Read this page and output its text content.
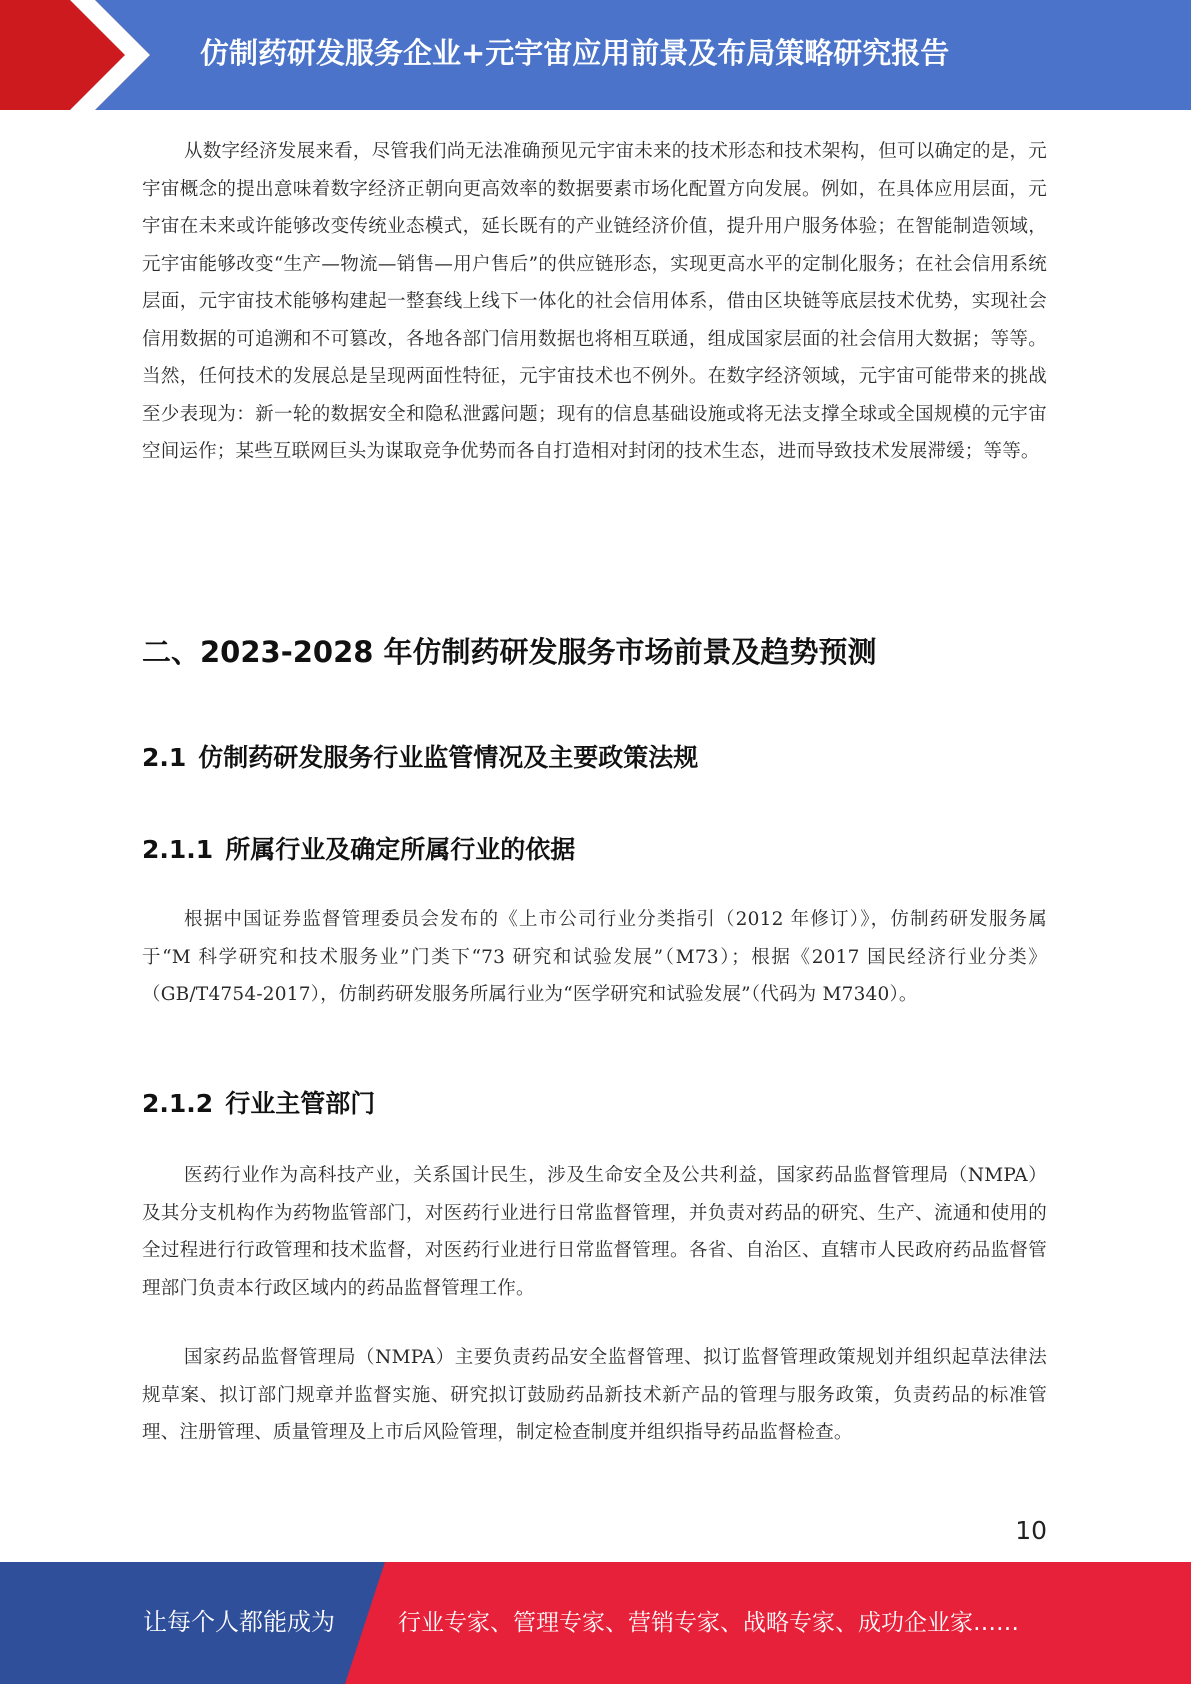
仿制药研发服务企业+元宇宙应用前景及布局策略研究报告

从数字经济发展来看，尽管我们尚无法准确预见元宇宙未来的技术形态和技术架构，但可以确定的是，元宇宙概念的提出意味着数字经济正朝向更高效率的数据要素市场化配置方向发展。例如，在具体应用层面，元宇宙在未来或许能够改变传统业态模式，延长既有的产业链经济价值，提升用户服务体验；在智能制造领域，元宇宙能够改变“生产—物流—销售—用户售后”的供应链形态，实现更高水平的定制化服务；在社会信用系统层面，元宇宙技术能够构建起一整套线上线下一体化的社会信用体系，借由区块链等底层技术优势，实现社会信用数据的可追溯和不可篡改，各地各部门信用数据也将相互联通，组成国家层面的社会信用大数据；等等。当然，任何技术的发展总是呈现两面性特征，元宇宙技术也不例外。在数字经济领域，元宇宙可能带来的挑战至少表现为：新一轮的数据安全和隐私泄露问题；现有的信息基础设施或将无法支撑全球或全国规模的元宇宙空间运作；某些互联网巨头为谋取竞争优势而各自打造相对封闭的技术生态，进而导致技术发展滞缓；等等。

二、2023-2028 年仿制药研发服务市场前景及趋势预测
2.1 仿制药研发服务行业监管情况及主要政策法规
2.1.1 所属行业及确定所属行业的依据

根据中国证券监督管理委员会发布的《上市公司行业分类指引（2012 年修订）》，仿制药研发服务属于“M 科学研究和技术服务业”门类下“73 研究和试验发展”（M73）；根据《2017 国民经济行业分类》（GB/T4754-2017），仿制药研发服务所属行业为“医学研究和试验发展”（代码为 M7340）。

2.1.2 行业主管部门

医药行业作为高科技产业，关系国计民生，涉及生命安全及公共利益，国家药品监督管理局（NMPA）及其分支机构作为药物监管部门，对医药行业进行日常监督管理，并负责对药品的研究、生产、流通和使用的全过程进行行政管理和技术监督，对医药行业进行日常监督管理。各省、自治区、直辖市人民政府药品监督管理部门负责本行政区域内的药品监督管理工作。

国家药品监督管理局（NMPA）主要负责药品安全监督管理、拟订监督管理政策规划并组织起草法律法规草案、拟订部门规章并监督实施、研究拟订鼓励药品新技术新产品的管理与服务政策，负责药品的标准管理、注册管理、质量管理及上市后风险管理，制定检查制度并组织指导药品监督检查。

10
让每个人都能成为	行业专家、管理专家、营销专家、战略专家、成功企业家……
